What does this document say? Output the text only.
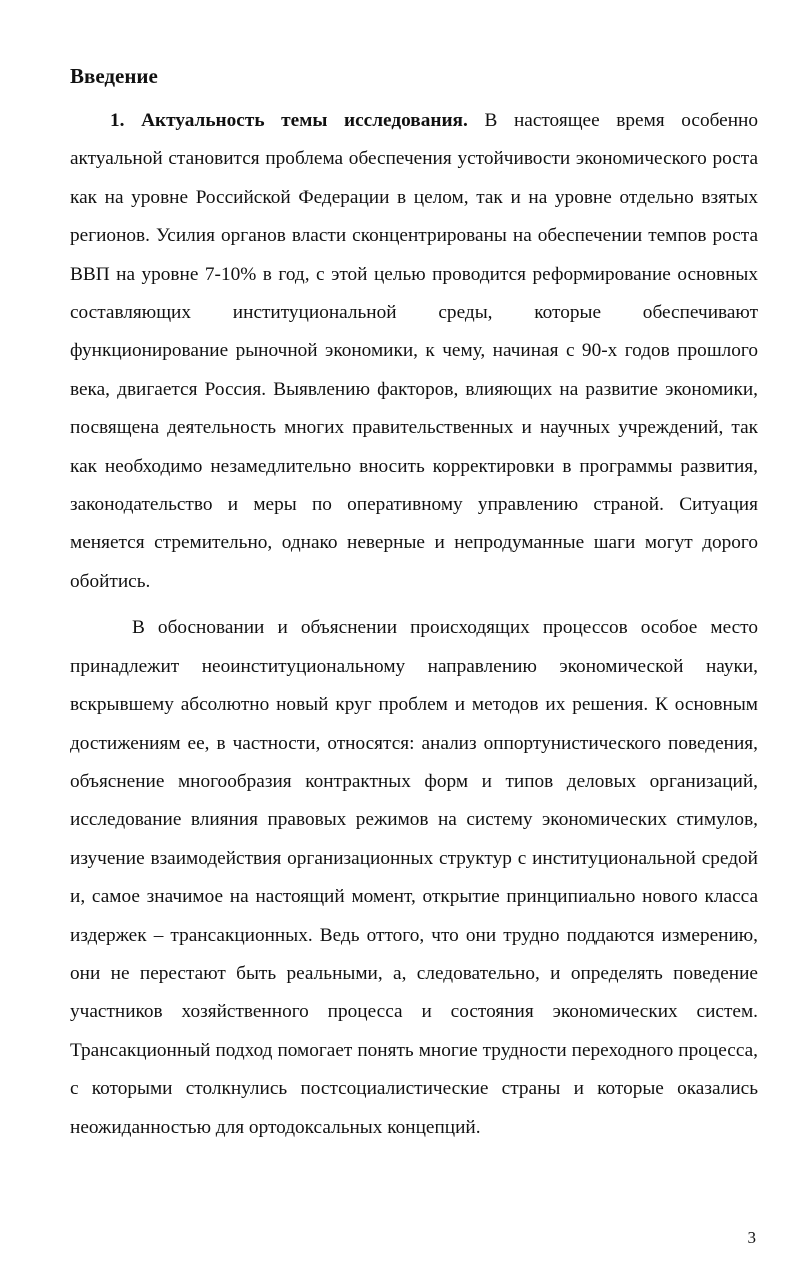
Введение

1. Актуальность темы исследования. В настоящее время особенно актуальной становится проблема обеспечения устойчивости экономического роста как на уровне Российской Федерации в целом, так и на уровне отдельно взятых регионов. Усилия органов власти сконцентрированы на обеспечении темпов роста ВВП на уровне 7-10% в год, с этой целью проводится реформирование основных составляющих институциональной среды, которые обеспечивают функционирование рыночной экономики, к чему, начиная с 90-х годов прошлого века, двигается Россия. Выявлению факторов, влияющих на развитие экономики, посвящена деятельность многих правительственных и научных учреждений, так как необходимо незамедлительно вносить корректировки в программы развития, законодательство и меры по оперативному управлению страной. Ситуация меняется стремительно, однако неверные и непродуманные шаги могут дорого обойтись.

В обосновании и объяснении происходящих процессов особое место принадлежит неоинституциональному направлению экономической науки, вскрывшему абсолютно новый круг проблем и методов их решения. К основным достижениям ее, в частности, относятся: анализ оппортунистического поведения, объяснение многообразия контрактных форм и типов деловых организаций, исследование влияния правовых режимов на систему экономических стимулов, изучение взаимодействия организационных структур с институциональной средой и, самое значимое на настоящий момент, открытие принципиально нового класса издержек – трансакционных. Ведь оттого, что они трудно поддаются измерению, они не перестают быть реальными, а, следовательно, и определять поведение участников хозяйственного процесса и состояния экономических систем. Трансакционный подход помогает понять многие трудности переходного процесса, с которыми столкнулись постсоциалистические страны и которые оказались неожиданностью для ортодоксальных концепций.

3
